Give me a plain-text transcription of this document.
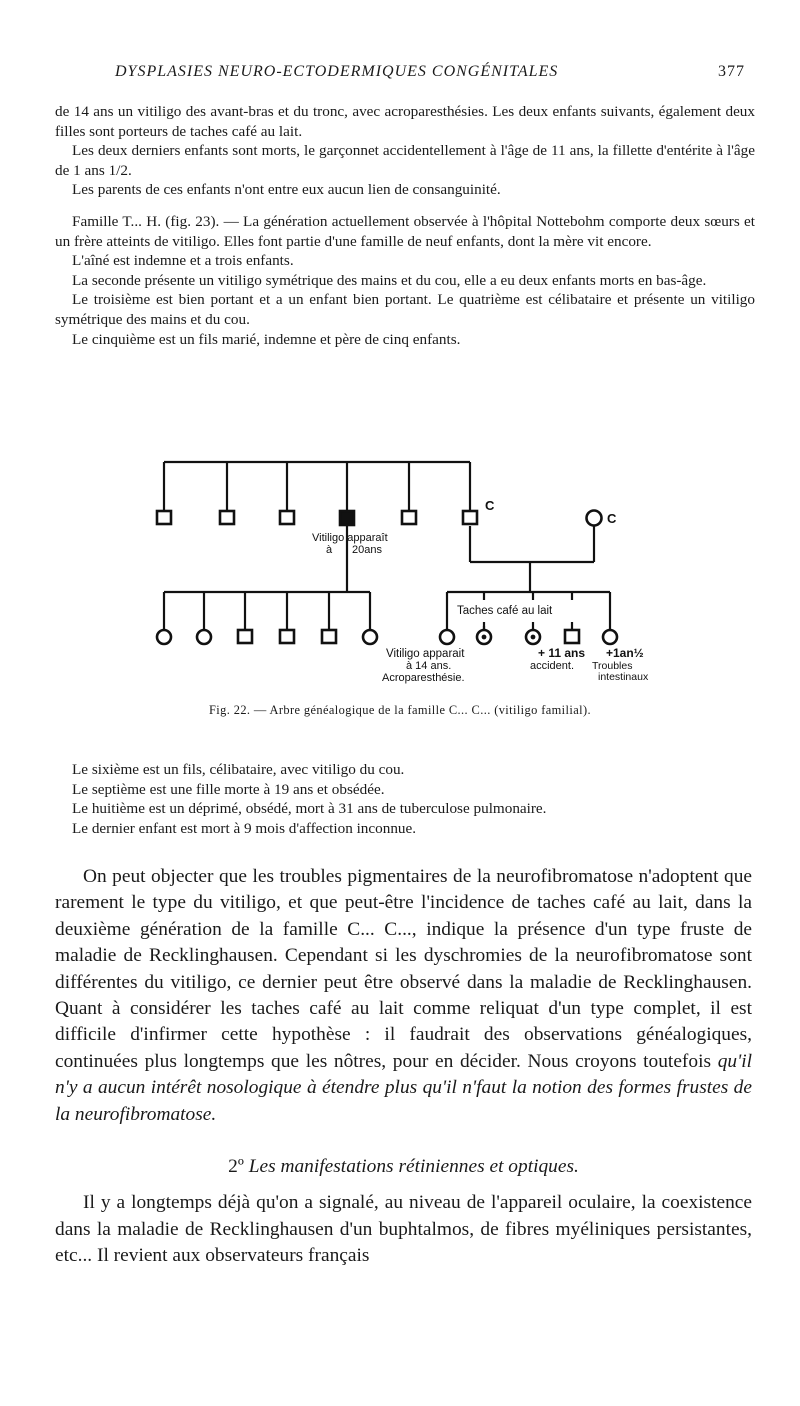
DYSPLASIES NEURO-ECTODERMIQUES CONGÉNITALES	377

de 14 ans un vitiligo des avant-bras et du tronc, avec acroparesthésies. Les deux enfants suivants, également deux filles sont porteurs de taches café au lait.

Les deux derniers enfants sont morts, le garçonnet accidentellement à l'âge de 11 ans, la fillette d'entérite à l'âge de 1 ans 1/2.

Les parents de ces enfants n'ont entre eux aucun lien de consanguinité.

Famille T... H. (fig. 23). — La génération actuellement observée à l'hôpital Nottebohm comporte deux sœurs et un frère atteints de vitiligo. Elles font partie d'une famille de neuf enfants, dont la mère vit encore.

L'aîné est indemne et a trois enfants.

La seconde présente un vitiligo symétrique des mains et du cou, elle a eu deux enfants morts en bas-âge.

Le troisième est bien portant et a un enfant bien portant. Le quatrième est célibataire et présente un vitiligo symétrique des mains et du cou.

Le cinquième est un fils marié, indemne et père de cinq enfants.

C
C
Vitiligo apparaît
à 20ans
Taches café au lait
Vitiligo apparait
à 14 ans.
Acroparesthésie.
+ 11 ans
accident.
+1an½
Troubles
intestinaux
Fig. 22. — Arbre généalogique de la famille C... C... (vitiligo familial).

Le sixième est un fils, célibataire, avec vitiligo du cou.

Le septième est une fille morte à 19 ans et obsédée.

Le huitième est un déprimé, obsédé, mort à 31 ans de tuberculose pulmonaire.

Le dernier enfant est mort à 9 mois d'affection inconnue.

On peut objecter que les troubles pigmentaires de la neurofibromatose n'adoptent que rarement le type du vitiligo, et que peut-être l'incidence de taches café au lait, dans la deuxième génération de la famille C... C..., indique la présence d'un type fruste de maladie de Recklinghausen. Cependant si les dyschromies de la neurofibromatose sont différentes du vitiligo, ce dernier peut être observé dans la maladie de Recklinghausen. Quant à considérer les taches café au lait comme reliquat d'un type complet, il est difficile d'infirmer cette hypothèse : il faudrait des observations généalogiques, continuées plus longtemps que les nôtres, pour en décider. Nous croyons toutefois qu'il n'y a aucun intérêt nosologique à étendre plus qu'il n'faut la notion des formes frustes de la neurofibromatose.

2º Les manifestations rétiniennes et optiques.

Il y a longtemps déjà qu'on a signalé, au niveau de l'appareil oculaire, la coexistence dans la maladie de Recklinghausen d'un buphtalmos, de fibres myéliniques persistantes, etc... Il revient aux observateurs français
